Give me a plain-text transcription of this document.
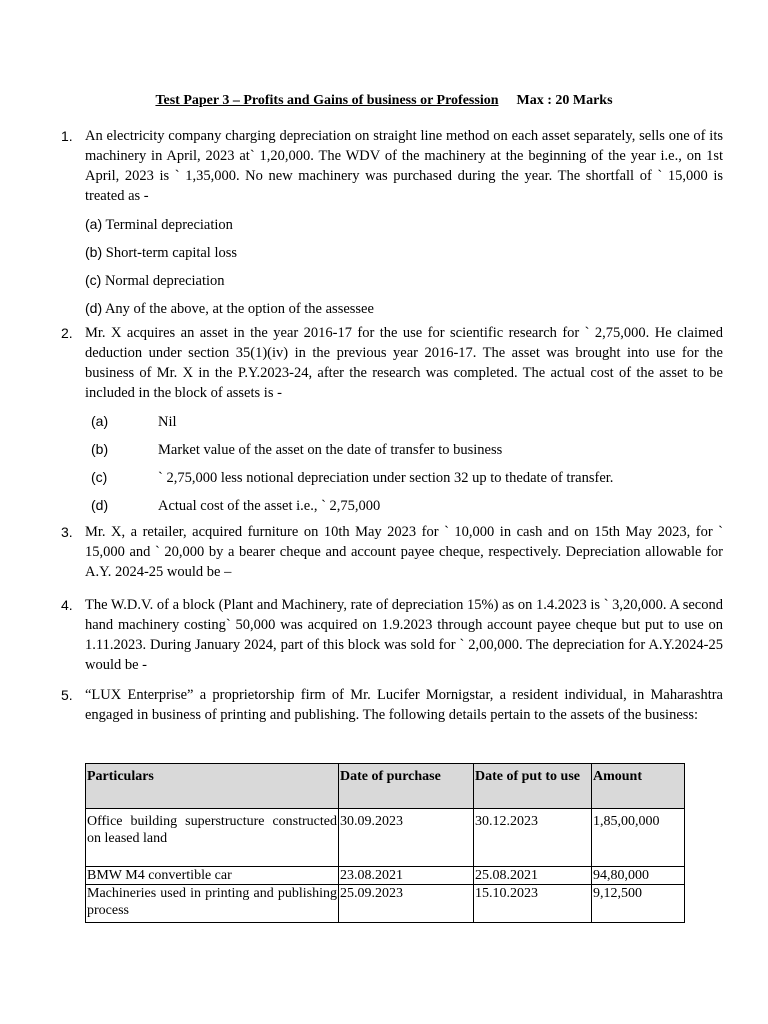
Test Paper 3 – Profits and Gains of business or Profession Max : 20 Marks
1. An electricity company charging depreciation on straight line method on each asset separately, sells one of its machinery in April, 2023 at` 1,20,000. The WDV of the machinery at the beginning of the year i.e., on 1st April, 2023 is ` 1,35,000. No new machinery was purchased during the year. The shortfall of ` 15,000 is treated as -

(a) Terminal depreciation
(b) Short-term capital loss
(c) Normal depreciation
(d) Any of the above, at the option of the assessee
2. Mr. X acquires an asset in the year 2016-17 for the use for scientific research for ` 2,75,000. He claimed deduction under section 35(1)(iv) in the previous year 2016-17. The asset was brought into use for the business of Mr. X in the P.Y.2023-24, after the research was completed. The actual cost of the asset to be included in the block of assets is -

(a)	Nil
(b)	Market value of the asset on the date of transfer to business
(c)	` 2,75,000 less notional depreciation under section 32 up to thedate of transfer.
(d)	Actual cost of the asset i.e., ` 2,75,000
3. Mr. X, a retailer, acquired furniture on 10th May 2023 for ` 10,000 in cash and on 15th May 2023, for ` 15,000 and ` 20,000 by a bearer cheque and account payee cheque, respectively. Depreciation allowable for A.Y. 2024-25 would be –

4. The W.D.V. of a block (Plant and Machinery, rate of depreciation 15%) as on 1.4.2023 is ` 3,20,000. A second hand machinery costing` 50,000 was acquired on 1.9.2023 through account payee cheque but put to use on 1.11.2023. During January 2024, part of this block was sold for ` 2,00,000. The depreciation for A.Y.2024-25 would be -

5. “LUX Enterprise” a proprietorship firm of Mr. Lucifer Mornigstar, a resident individual, in Maharashtra engaged in business of printing and publishing. The following details pertain to the assets of the business:

Particulars	Date of purchase	Date of put to use	Amount
Office building superstructure constructed on leased land	30.09.2023	30.12.2023	1,85,00,000
BMW M4 convertible car	23.08.2021	25.08.2021	94,80,000
Machineries used in printing and publishing process	25.09.2023	15.10.2023	9,12,500
